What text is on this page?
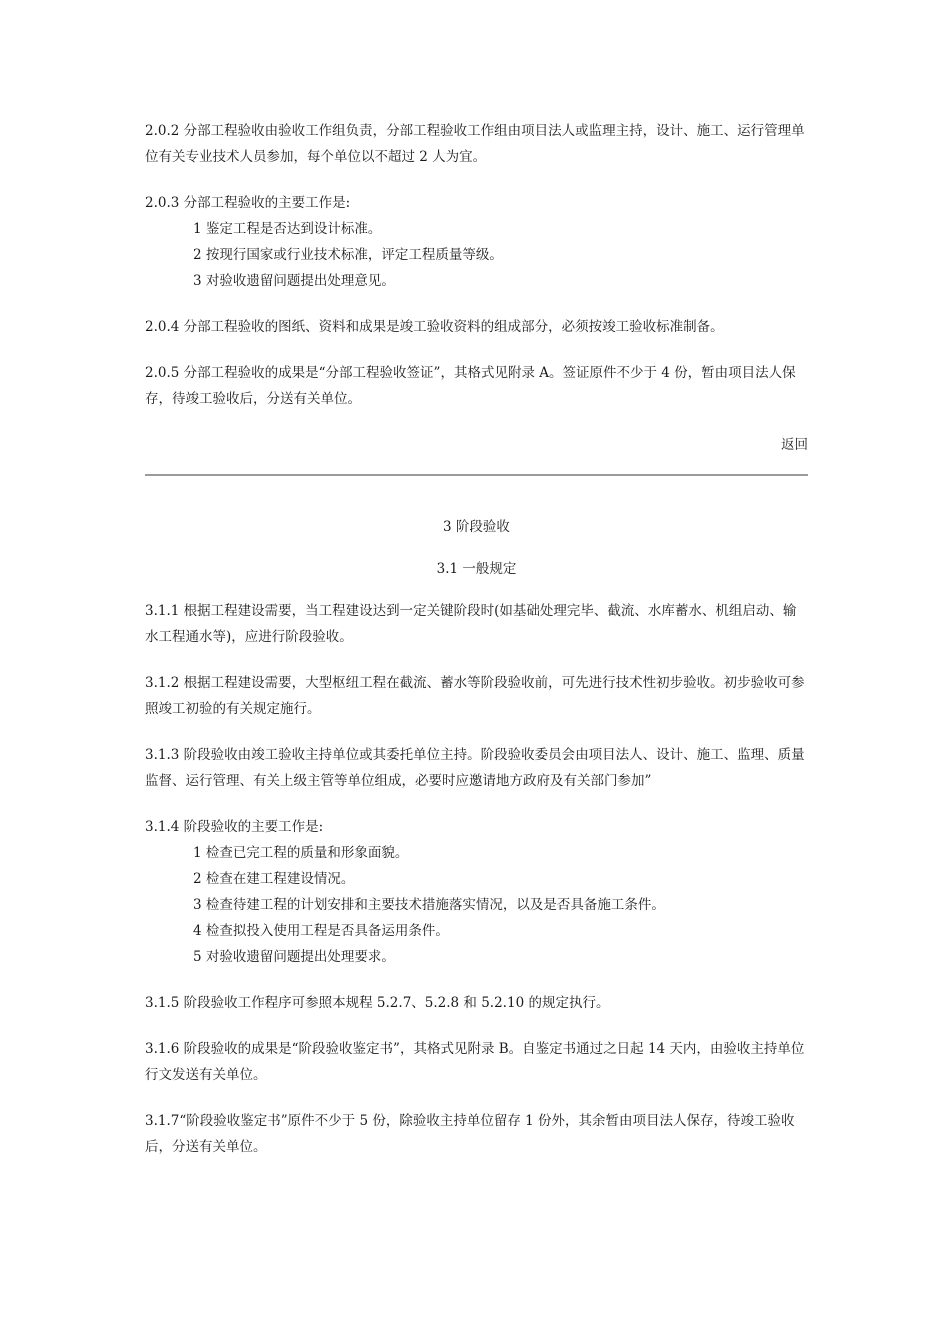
2.0.2 分部工程验收由验收工作组负责，分部工程验收工作组由项目法人或监理主持，设计、施工、运行管理单位有关专业技术人员参加，每个单位以不超过 2 人为宜。

2.0.3 分部工程验收的主要工作是:

1 鉴定工程是否达到设计标准。
2 按现行国家或行业技术标准，评定工程质量等级。
3 对验收遗留问题提出处理意见。

2.0.4 分部工程验收的图纸、资料和成果是竣工验收资料的组成部分，必须按竣工验收标准制备。

2.0.5 分部工程验收的成果是“分部工程验收签证”，其格式见附录 A。签证原件不少于 4 份，暂由项目法人保存，待竣工验收后，分送有关单位。

返回
3 阶段验收
3.1 一般规定

3.1.1 根据工程建设需要，当工程建设达到一定关键阶段时(如基础处理完毕、截流、水库蓄水、机组启动、输水工程通水等)，应进行阶段验收。

3.1.2 根据工程建设需要，大型枢纽工程在截流、蓄水等阶段验收前，可先进行技术性初步验收。初步验收可参照竣工初验的有关规定施行。

3.1.3 阶段验收由竣工验收主持单位或其委托单位主持。阶段验收委员会由项目法人、设计、施工、监理、质量监督、运行管理、有关上级主管等单位组成，必要时应邀请地方政府及有关部门参加”

3.1.4 阶段验收的主要工作是:

1 检查已完工程的质量和形象面貌。
2 检查在建工程建设情况。
3 检查待建工程的计划安排和主要技术措施落实情况，以及是否具备施工条件。
4 检查拟投入使用工程是否具备运用条件。
5 对验收遗留问题提出处理要求。

3.1.5 阶段验收工作程序可参照本规程 5.2.7、5.2.8 和 5.2.10 的规定执行。

3.1.6 阶段验收的成果是“阶段验收鉴定书”，其格式见附录 B。自鉴定书通过之日起 14 天内，由验收主持单位行文发送有关单位。

3.1.7“阶段验收鉴定书”原件不少于 5 份，除验收主持单位留存 1 份外，其余暂由项目法人保存，待竣工验收后，分送有关单位。
